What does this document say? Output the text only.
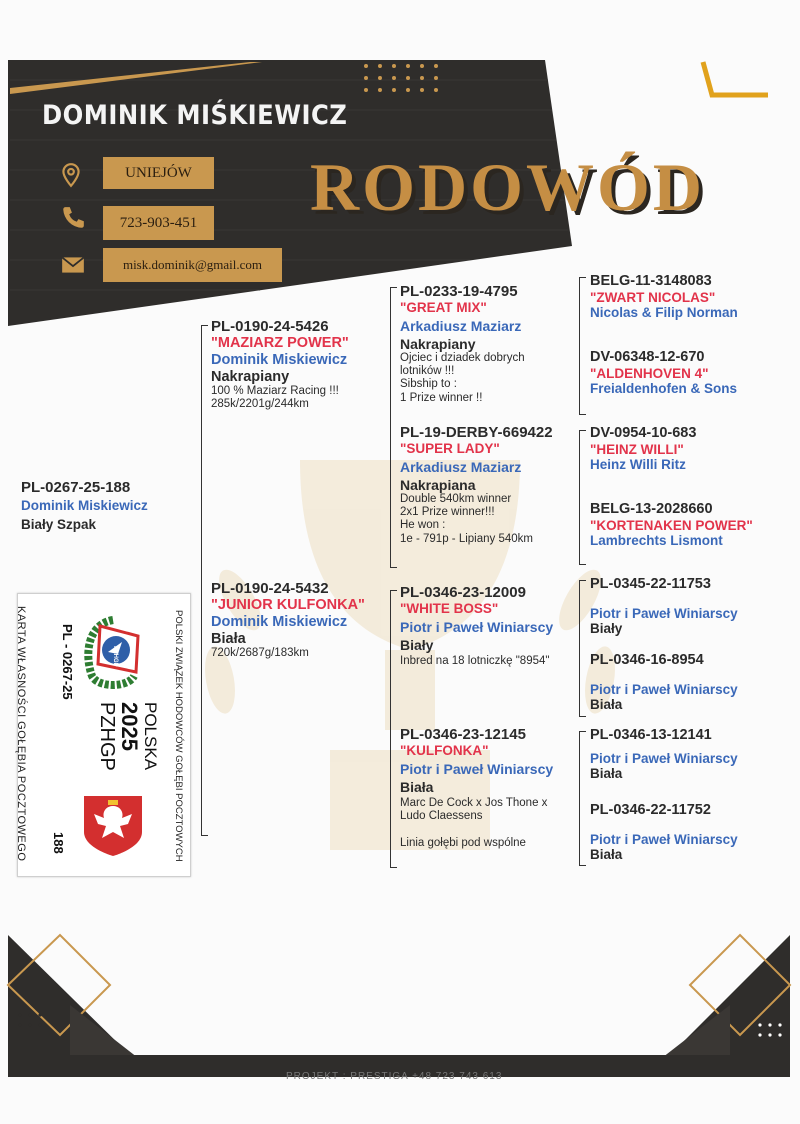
DOMINIK MIŚKIEWICZ
UNIEJÓW
723-903-451
misk.dominik@gmail.com
RODOWÓD
PL-0267-25-188
Dominik Miskiewicz
Biały Szpak
PL-0190-24-5426
"MAZIARZ POWER"
Dominik Miskiewicz
Nakrapiany
100 % Maziarz Racing !!!
285k/2201g/244km
PL-0190-24-5432
"JUNIOR KULFONKA"
Dominik Miskiewicz
Biała
720k/2687g/183km
PL-0233-19-4795
"GREAT MIX"
Arkadiusz Maziarz
Nakrapiany
Ojciec i dziadek dobrych
lotników !!!
Sibship to :
1 Prize winner !!
PL-19-DERBY-669422
"SUPER LADY"
Arkadiusz Maziarz
Nakrapiana
Double 540km winner
2x1 Prize winner!!!
He won :
1e - 791p - Lipiany 540km
PL-0346-23-12009
"WHITE BOSS"
Piotr i Paweł Winiarscy
Biały
Inbred na 18 lotniczkę "8954"
PL-0346-23-12145
"KULFONKA"
Piotr i Paweł Winiarscy
Biała
Marc De Cock x Jos Thone x
Ludo Claessens
Linia gołębi pod wspólne
BELG-11-3148083
"ZWART NICOLAS"
Nicolas & Filip Norman
DV-06348-12-670
"ALDENHOVEN 4"
Freialdenhofen & Sons
DV-0954-10-683
"HEINZ WILLI"
Heinz Willi Ritz
BELG-13-2028660
"KORTENAKEN POWER"
Lambrechts Lismont
PL-0345-22-11753
Piotr i Paweł Winiarscy
Biały
PL-0346-16-8954
Piotr i Paweł Winiarscy
Biała
PL-0346-13-12141
Piotr i Paweł Winiarscy
Biała
PL-0346-22-11752
Piotr i Paweł Winiarscy
Biała
POLSKI ZWIĄZEK HODOWCÓW GOŁĘBI POCZTOWYCH
KARTA WŁASNOŚCI GOŁĘBIA POCZTOWEGO	PL - 0267-25	PZHGP
POLSKA
2025
PZHGP
188
PROJEKT : PRESTIGA +48 723 743 613
